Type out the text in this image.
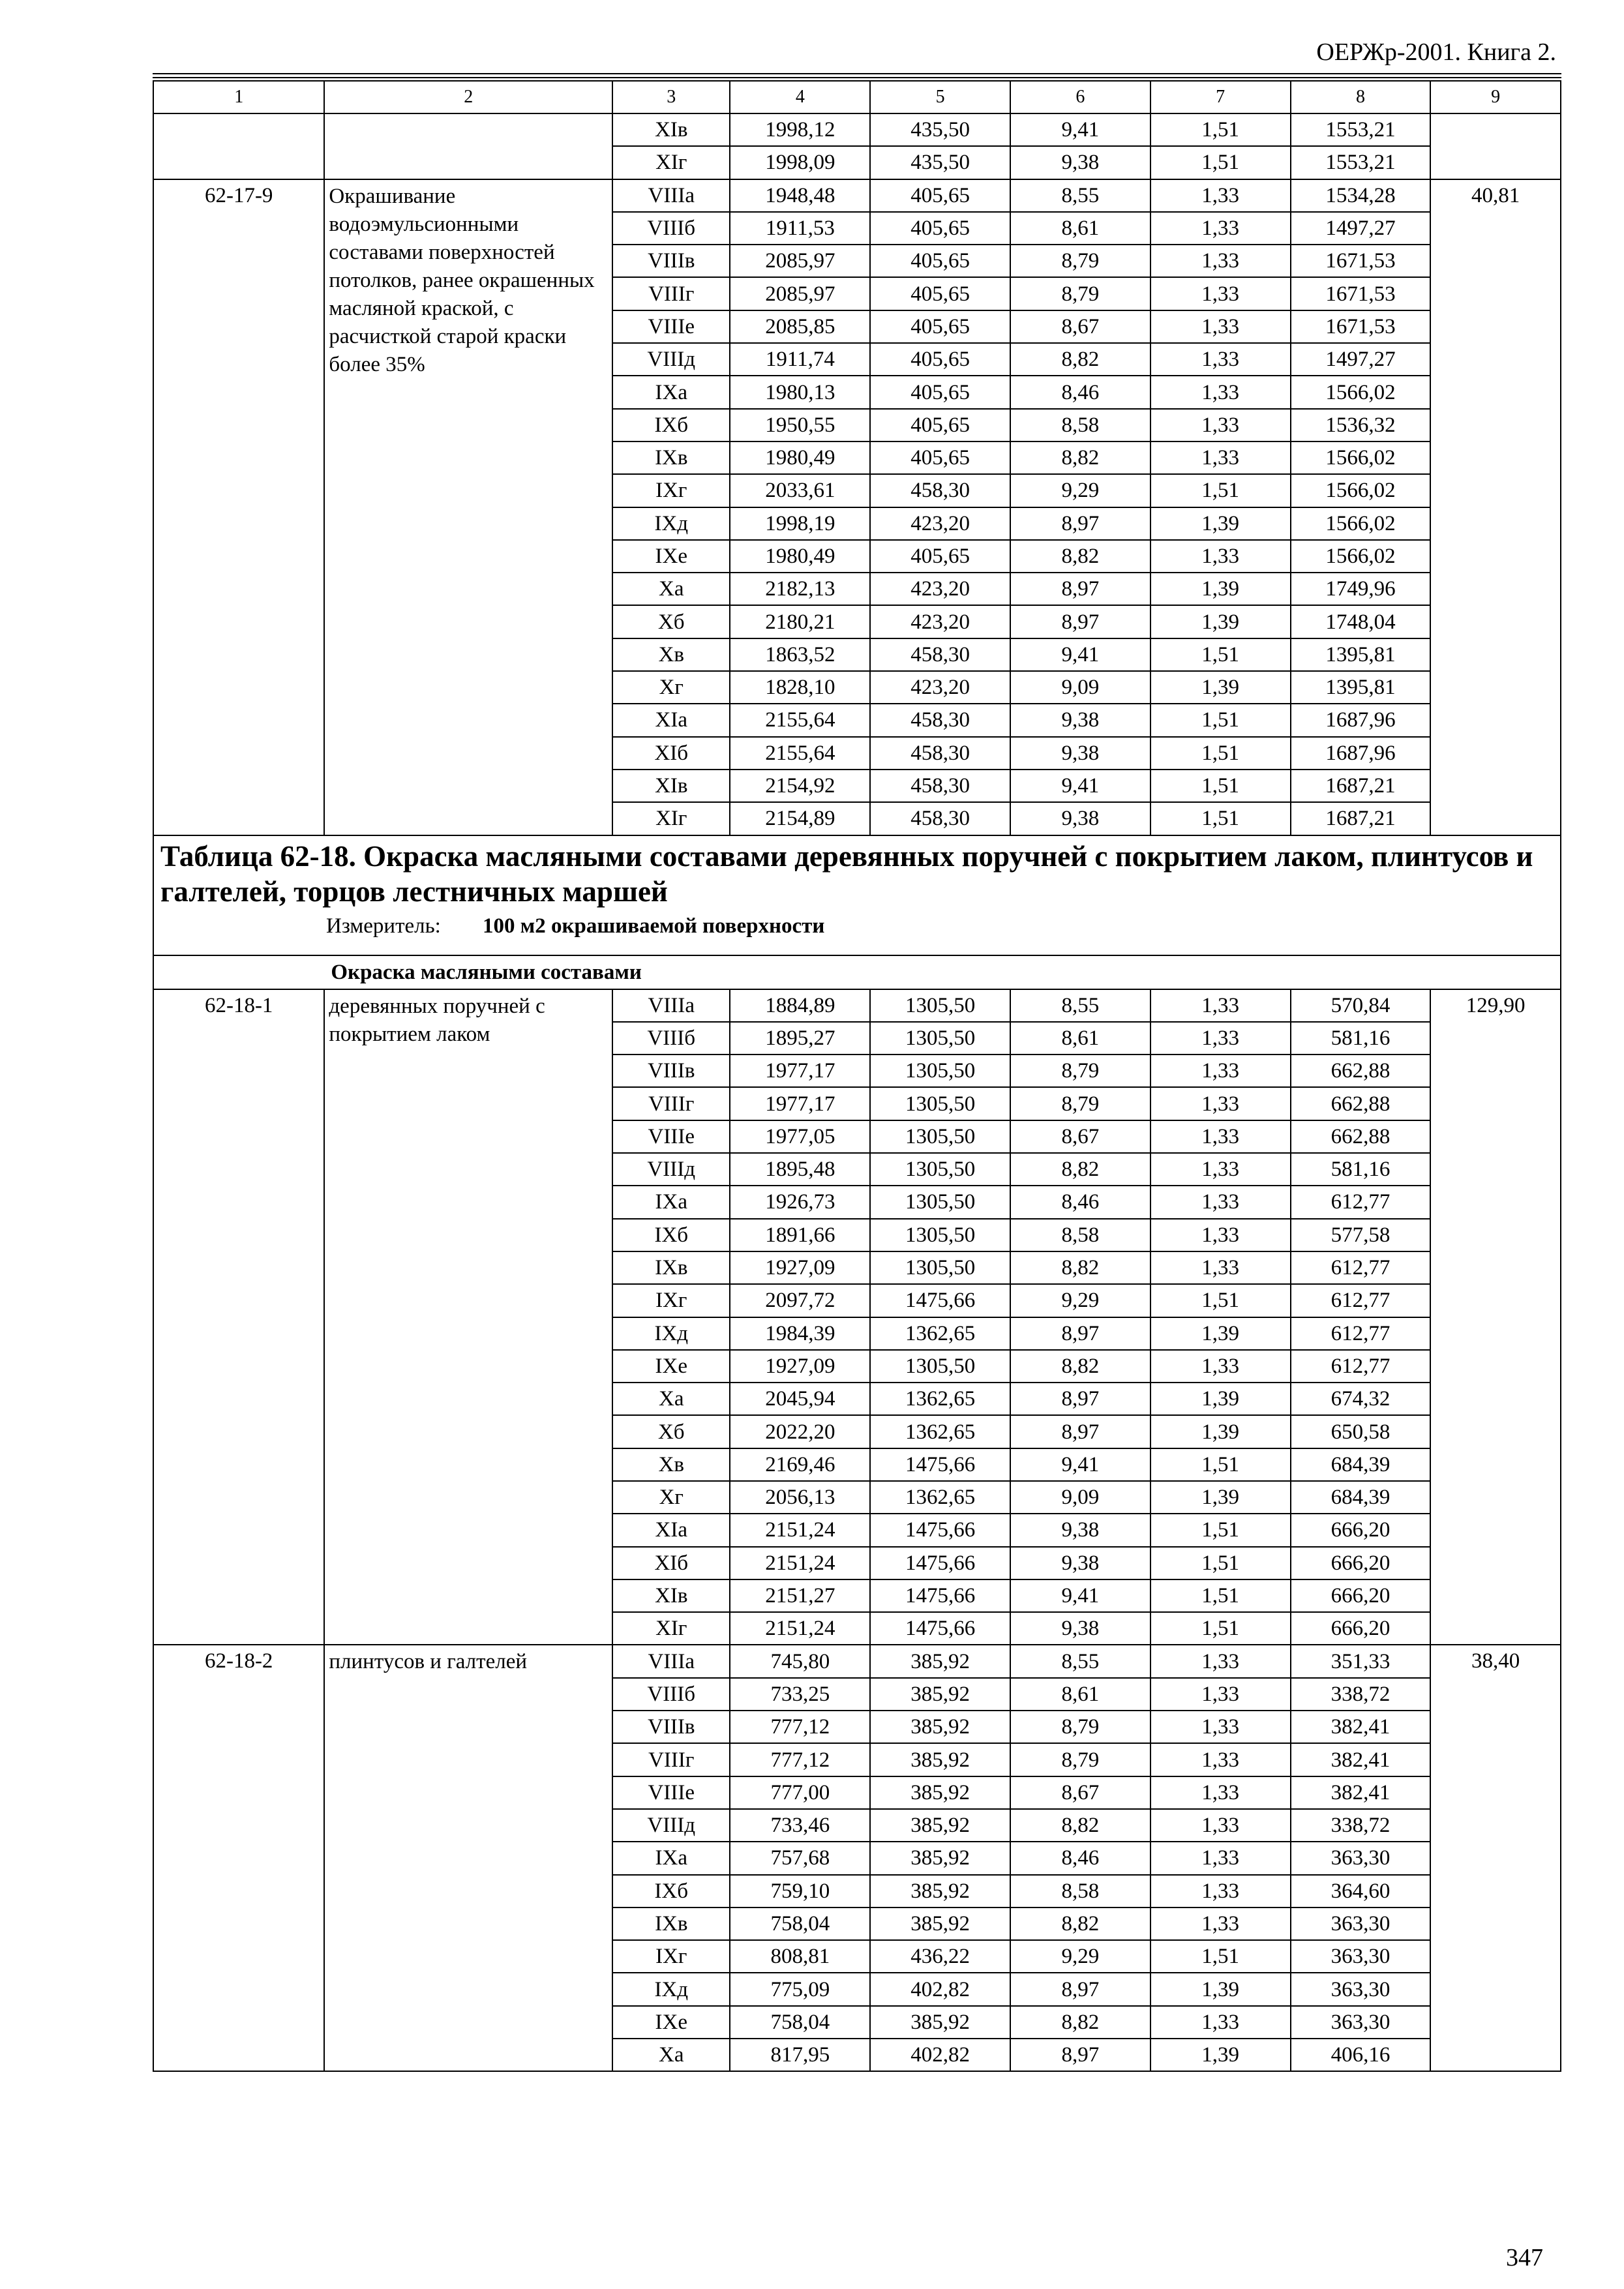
ОЕРЖр-2001. Книга 2.
1	2	3	4	5	6	7	8	9
		XIв	1998,12	435,50	9,41	1,51	1553,21	
		XIг	1998,09	435,50	9,38	1,51	1553,21	
62-17-9	Окрашивание водоэмульсионными составами поверхностей потолков, ранее окрашенных масляной краской, с расчисткой старой краски более 35%	VIIIа	1948,48	405,65	8,55	1,33	1534,28	40,81
		VIIIб	1911,53	405,65	8,61	1,33	1497,27	
		VIIIв	2085,97	405,65	8,79	1,33	1671,53	
		VIIIг	2085,97	405,65	8,79	1,33	1671,53	
		VIIIе	2085,85	405,65	8,67	1,33	1671,53	
		VIIIд	1911,74	405,65	8,82	1,33	1497,27	
		IXа	1980,13	405,65	8,46	1,33	1566,02	
		IXб	1950,55	405,65	8,58	1,33	1536,32	
		IXв	1980,49	405,65	8,82	1,33	1566,02	
		IXг	2033,61	458,30	9,29	1,51	1566,02	
		IXд	1998,19	423,20	8,97	1,39	1566,02	
		IXе	1980,49	405,65	8,82	1,33	1566,02	
		Xа	2182,13	423,20	8,97	1,39	1749,96	
		Xб	2180,21	423,20	8,97	1,39	1748,04	
		Xв	1863,52	458,30	9,41	1,51	1395,81	
		Xг	1828,10	423,20	9,09	1,39	1395,81	
		XIа	2155,64	458,30	9,38	1,51	1687,96	
		XIб	2155,64	458,30	9,38	1,51	1687,96	
		XIв	2154,92	458,30	9,41	1,51	1687,21	
		XIг	2154,89	458,30	9,38	1,51	1687,21	

Таблица 62-18. Окраска масляными составами деревянных поручней с покрытием лаком, плинтусов и галтелей, торцов лестничных маршей
Измеритель: 100 м2 окрашиваемой поверхности								

	Окраска масляными составами							
62-18-1	деревянных поручней с покрытием лаком	VIIIа	1884,89	1305,50	8,55	1,33	570,84	129,90
		VIIIб	1895,27	1305,50	8,61	1,33	581,16	
		VIIIв	1977,17	1305,50	8,79	1,33	662,88	
		VIIIг	1977,17	1305,50	8,79	1,33	662,88	
		VIIIе	1977,05	1305,50	8,67	1,33	662,88	
		VIIIд	1895,48	1305,50	8,82	1,33	581,16	
		IXа	1926,73	1305,50	8,46	1,33	612,77	
		IXб	1891,66	1305,50	8,58	1,33	577,58	
		IXв	1927,09	1305,50	8,82	1,33	612,77	
		IXг	2097,72	1475,66	9,29	1,51	612,77	
		IXд	1984,39	1362,65	8,97	1,39	612,77	
		IXе	1927,09	1305,50	8,82	1,33	612,77	
		Xа	2045,94	1362,65	8,97	1,39	674,32	
		Xб	2022,20	1362,65	8,97	1,39	650,58	
		Xв	2169,46	1475,66	9,41	1,51	684,39	
		Xг	2056,13	1362,65	9,09	1,39	684,39	
		XIа	2151,24	1475,66	9,38	1,51	666,20	
		XIб	2151,24	1475,66	9,38	1,51	666,20	
		XIв	2151,27	1475,66	9,41	1,51	666,20	
		XIг	2151,24	1475,66	9,38	1,51	666,20	
62-18-2	плинтусов и галтелей	VIIIа	745,80	385,92	8,55	1,33	351,33	38,40
		VIIIб	733,25	385,92	8,61	1,33	338,72	
		VIIIв	777,12	385,92	8,79	1,33	382,41	
		VIIIг	777,12	385,92	8,79	1,33	382,41	
		VIIIе	777,00	385,92	8,67	1,33	382,41	
		VIIIд	733,46	385,92	8,82	1,33	338,72	
		IXа	757,68	385,92	8,46	1,33	363,30	
		IXб	759,10	385,92	8,58	1,33	364,60	
		IXв	758,04	385,92	8,82	1,33	363,30	
		IXг	808,81	436,22	9,29	1,51	363,30	
		IXд	775,09	402,82	8,97	1,39	363,30	
		IXе	758,04	385,92	8,82	1,33	363,30	
		Xа	817,95	402,82	8,97	1,39	406,16	
347
